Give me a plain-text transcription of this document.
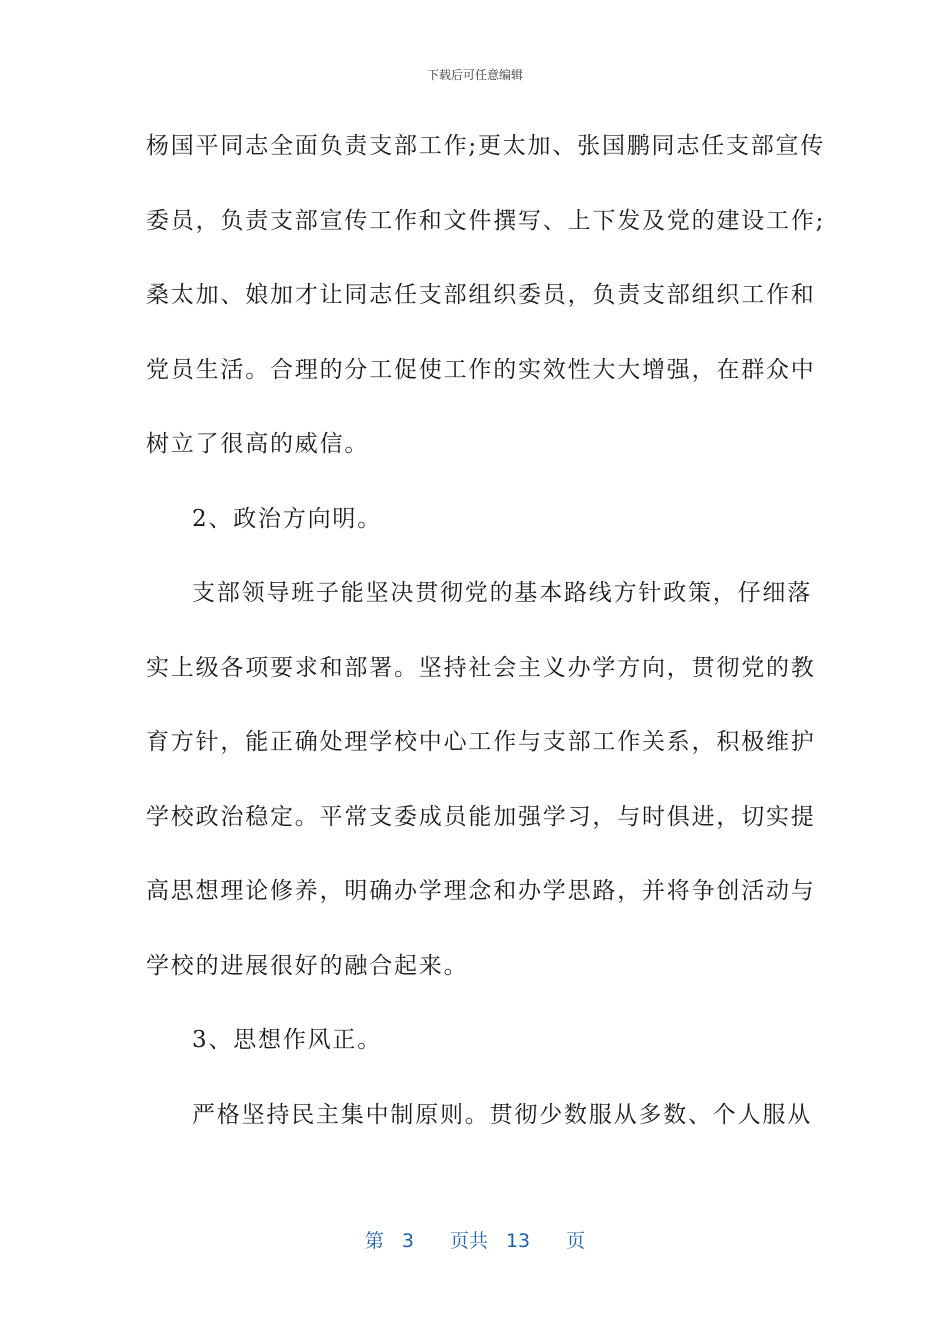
下载后可任意编辑
杨国平同志全面负责支部工作;更太加、张国鹏同志任支部宣传
委员，负责支部宣传工作和文件撰写、上下发及党的建设工作;
桑太加、娘加才让同志任支部组织委员，负责支部组织工作和
党员生活。合理的分工促使工作的实效性大大增强，在群众中
树立了很高的威信。
2、政治方向明。
支部领导班子能坚决贯彻党的基本路线方针政策，仔细落
实上级各项要求和部署。坚持社会主义办学方向，贯彻党的教
育方针，能正确处理学校中心工作与支部工作关系，积极维护
学校政治稳定。平常支委成员能加强学习，与时俱进，切实提
高思想理论修养，明确办学理念和办学思路，并将争创活动与
学校的进展很好的融合起来。
3、思想作风正。
严格坚持民主集中制原则。贯彻少数服从多数、个人服从
第 3 页共 13 页
